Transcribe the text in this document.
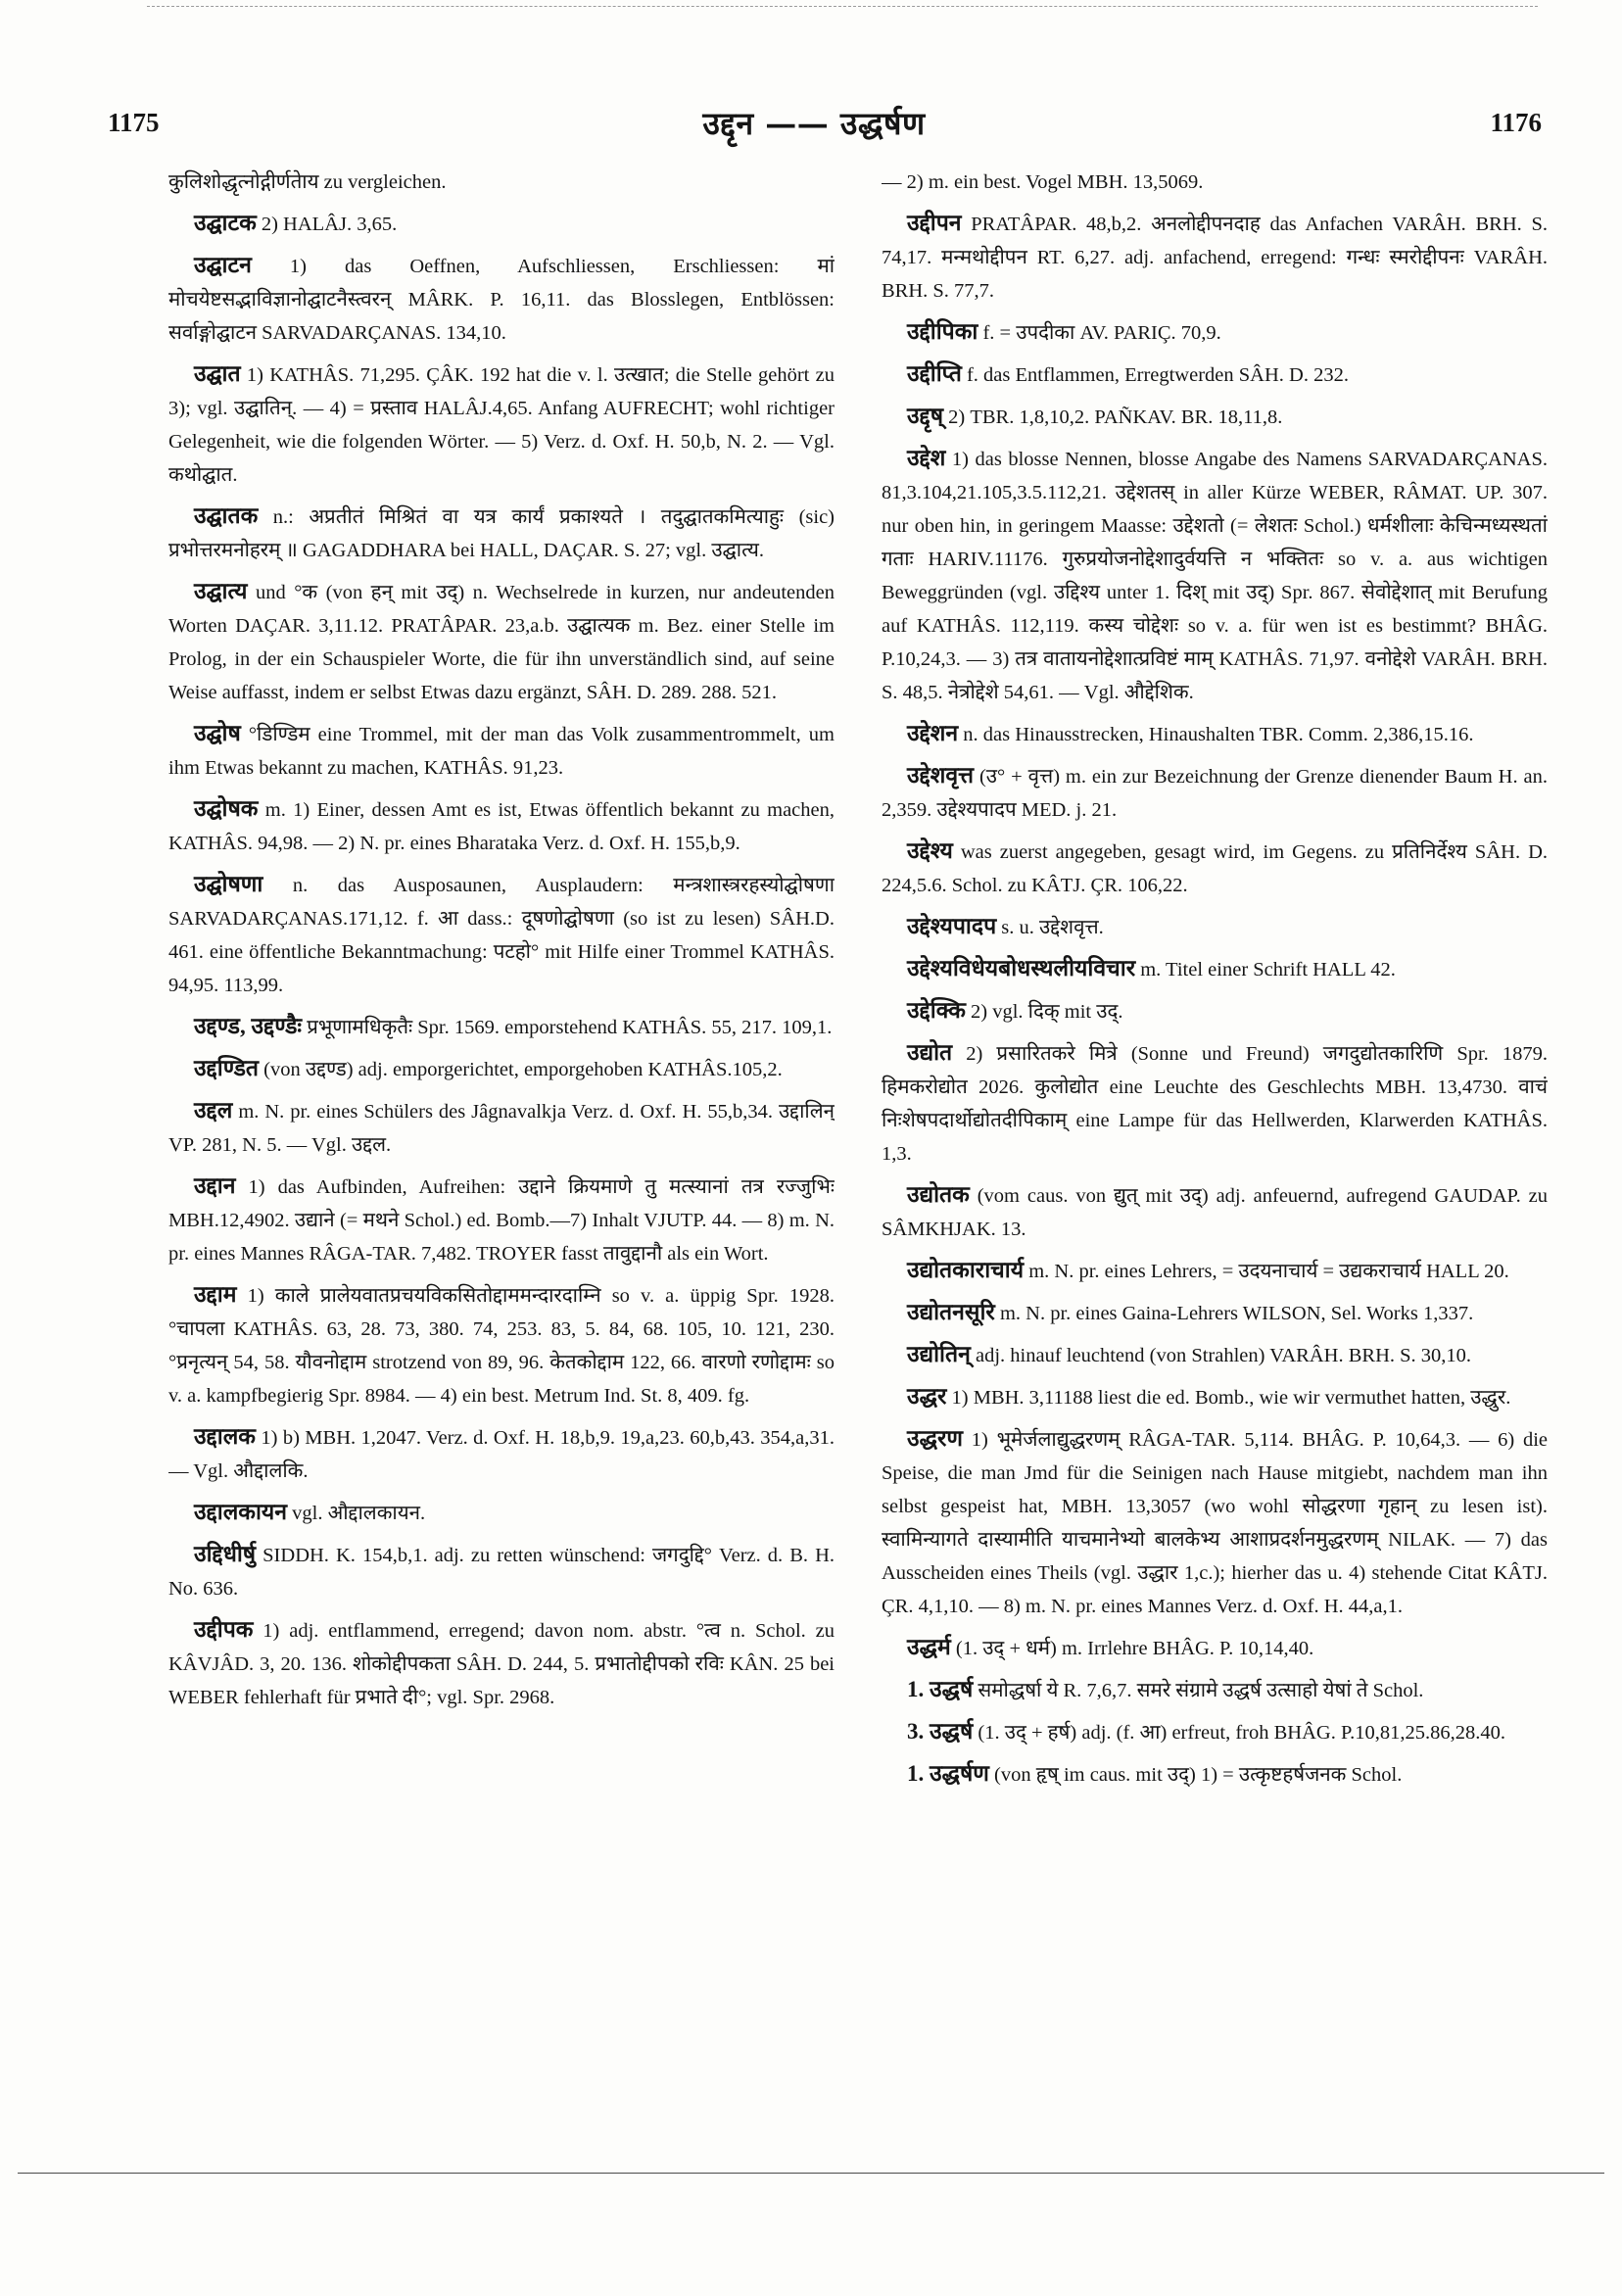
1175	उद्दृन —— उद्धर्षण	1176

कुलिशोद्धृत्नोद्गीर्णतेाय zu vergleichen.

उद्घाटक 2) HALÂJ. 3,65.

उद्घाटन 1) das Oeffnen, Aufschliessen, Erschliessen: मां मोचयेष्टसद्भाविज्ञानोद्घाटनैस्त्वरन् MÂRK. P. 16,11. das Blosslegen, Entblössen: सर्वाङ्गोद्घाटन SARVADARÇANAS. 134,10.

उद्घात 1) KATHÂS. 71,295. ÇÂK. 192 hat die v. l. उत्खात; die Stelle gehört zu 3); vgl. उद्घातिन्. — 4) = प्रस्ताव HALÂJ.4,65. Anfang AUFRECHT; wohl richtiger Gelegenheit, wie die folgenden Wörter. — 5) Verz. d. Oxf. H. 50,b, N. 2. — Vgl. कथोद्घात.

उद्घातक n.: अप्रतीतं मिश्रितं वा यत्र कार्यं प्रकाश्यते । तदुद्घातकमित्याहुः (sic) प्रभोत्तरमनोहरम् ॥ GAGADDHARA bei HALL, DAÇAR. S. 27; vgl. उद्घात्य.

उद्घात्य und °क (von हन् mit उद्) n. Wechselrede in kurzen, nur andeutenden Worten DAÇAR. 3,11.12. PRATÂPAR. 23,a.b. उद्घात्यक m. Bez. einer Stelle im Prolog, in der ein Schauspieler Worte, die für ihn unverständlich sind, auf seine Weise auffasst, indem er selbst Etwas dazu ergänzt, SÂH. D. 289. 288. 521.

उद्घोष °डिण्डिम eine Trommel, mit der man das Volk zusammentrommelt, um ihm Etwas bekannt zu machen, KATHÂS. 91,23.

उद्घोषक m. 1) Einer, dessen Amt es ist, Etwas öffentlich bekannt zu machen, KATHÂS. 94,98. — 2) N. pr. eines Bharataka Verz. d. Oxf. H. 155,b,9.

उद्घोषणा n. das Ausposaunen, Ausplaudern: मन्त्रशास्त्ररहस्योद्घोषणा SARVADARÇANAS.171,12. f. आ dass.: दूषणोद्घोषणा (so ist zu lesen) SÂH.D. 461. eine öffentliche Bekanntmachung: पटहो° mit Hilfe einer Trommel KATHÂS. 94,95. 113,99.

उद्दण्ड, उद्दण्डैः प्रभूणामधिकृतैः Spr. 1569. emporstehend KATHÂS. 55, 217. 109,1.

उद्दण्डित (von उद्दण्ड) adj. emporgerichtet, emporgehoben KATHÂS.105,2.

उद्दल m. N. pr. eines Schülers des Jâgnavalkja Verz. d. Oxf. H. 55,b,34. उद्दालिन् VP. 281, N. 5. — Vgl. उद्दल.

उद्दान 1) das Aufbinden, Aufreihen: उद्दाने क्रियमाणे तु मत्स्यानां तत्र रज्जुभिः MBH.12,4902. उद्याने (= मथने Schol.) ed. Bomb.—7) Inhalt VJUTP. 44. — 8) m. N. pr. eines Mannes RÂGA-TAR. 7,482. TROYER fasst तावुद्दानौ als ein Wort.

उद्दाम 1) काले प्रालेयवातप्रचयविकसितोद्दाममन्दारदाम्नि so v. a. üppig Spr. 1928. °चापला KATHÂS. 63, 28. 73, 380. 74, 253. 83, 5. 84, 68. 105, 10. 121, 230. °प्रनृत्यन् 54, 58. यौवनोद्दाम strotzend von 89, 96. केतकोद्दाम 122, 66. वारणो रणोद्दामः so v. a. kampfbegierig Spr. 8984. — 4) ein best. Metrum Ind. St. 8, 409. fg.

उद्दालक 1) b) MBH. 1,2047. Verz. d. Oxf. H. 18,b,9. 19,a,23. 60,b,43. 354,a,31. — Vgl. औद्दालकि.

उद्दालकायन vgl. औद्दालकायन.

उद्दिधीर्षु SIDDH. K. 154,b,1. adj. zu retten wünschend: जगदुद्दि° Verz. d. B. H. No. 636.

उद्दीपक 1) adj. entflammend, erregend; davon nom. abstr. °त्व n. Schol. zu KÂVJÂD. 3, 20. 136. शोकोद्दीपकता SÂH. D. 244, 5. प्रभातोद्दीपको रविः KÂN. 25 bei WEBER fehlerhaft für प्रभाते दी°; vgl. Spr. 2968.

— 2) m. ein best. Vogel MBH. 13,5069.

उद्दीपन PRATÂPAR. 48,b,2. अनलोद्दीपनदाह das Anfachen VARÂH. BRH. S. 74,17. मन्मथोद्दीपन RT. 6,27. adj. anfachend, erregend: गन्धः स्मरोद्दीपनः VARÂH. BRH. S. 77,7.

उद्दीपिका f. = उपदीका AV. PARIÇ. 70,9.

उद्दीप्ति f. das Entflammen, Erregtwerden SÂH. D. 232.

उद्दृष् 2) TBR. 1,8,10,2. PAÑKAV. BR. 18,11,8.

उद्देश 1) das blosse Nennen, blosse Angabe des Namens SARVADARÇANAS. 81,3.104,21.105,3.5.112,21. उद्देशतस् in aller Kürze WEBER, RÂMAT. UP. 307. nur oben hin, in geringem Maasse: उद्देशतो (= लेशतः Schol.) धर्मशीलाः केचिन्मध्यस्थतां गताः HARIV.11176. गुरुप्रयोजनोद्देशादुर्वयत्ति न भक्तितः so v. a. aus wichtigen Beweggründen (vgl. उद्दिश्य unter 1. दिश् mit उद्) Spr. 867. सेवोद्देशात् mit Berufung auf KATHÂS. 112,119. कस्य चोद्देशः so v. a. für wen ist es bestimmt? BHÂG. P.10,24,3. — 3) तत्र वातायनोद्देशात्प्रविष्टं माम् KATHÂS. 71,97. वनोद्देशे VARÂH. BRH. S. 48,5. नेत्रोद्देशे 54,61. — Vgl. औद्देशिक.

उद्देशन n. das Hinausstrecken, Hinaushalten TBR. Comm. 2,386,15.16.

उद्देशवृत्त (उ° + वृत्त) m. ein zur Bezeichnung der Grenze dienender Baum H. an. 2,359. उद्देश्यपादप MED. j. 21.

उद्देश्य was zuerst angegeben, gesagt wird, im Gegens. zu प्रतिनिर्देश्य SÂH. D. 224,5.6. Schol. zu KÂTJ. ÇR. 106,22.

उद्देश्यपादप s. u. उद्देशवृत्त.

उद्देश्यविधेयबोधस्थलीयविचार m. Titel einer Schrift HALL 42.

उद्देक्कि 2) vgl. दिक् mit उद्.

उद्योत 2) प्रसारितकरे मित्रे (Sonne und Freund) जगदुद्योतकारिणि Spr. 1879. हिमकरोद्योत 2026. कुलोद्योत eine Leuchte des Geschlechts MBH. 13,4730. वाचं निःशेषपदार्थोद्योतदीपिकाम् eine Lampe für das Hellwerden, Klarwerden KATHÂS. 1,3.

उद्योतक (vom caus. von द्युत् mit उद्) adj. anfeuernd, aufregend GAUDAP. zu SÂMKHJAK. 13.

उद्योतकाराचार्य m. N. pr. eines Lehrers, = उदयनाचार्य = उद्यकराचार्य HALL 20.

उद्योतनसूरि m. N. pr. eines Gaina-Lehrers WILSON, Sel. Works 1,337.

उद्योतिन् adj. hinauf leuchtend (von Strahlen) VARÂH. BRH. S. 30,10.

उद्धर 1) MBH. 3,11188 liest die ed. Bomb., wie wir vermuthet hatten, उद्धुर.

उद्धरण 1) भूमेर्जलाद्युद्धरणम् RÂGA-TAR. 5,114. BHÂG. P. 10,64,3. — 6) die Speise, die man Jmd für die Seinigen nach Hause mitgiebt, nachdem man ihn selbst gespeist hat, MBH. 13,3057 (wo wohl सोद्धरणा गृहान् zu lesen ist). स्वामिन्यागते दास्यामीति याचमानेभ्यो बालकेभ्य आशाप्रदर्शनमुद्धरणम् NILAK. — 7) das Ausscheiden eines Theils (vgl. उद्धार 1,c.); hierher das u. 4) stehende Citat KÂTJ. ÇR. 4,1,10. — 8) m. N. pr. eines Mannes Verz. d. Oxf. H. 44,a,1.

उद्धर्म (1. उद् + धर्म) m. Irrlehre BHÂG. P. 10,14,40.

1. उद्धर्ष समोद्धर्षा ये R. 7,6,7. समरे संग्रामे उद्धर्ष उत्साहो येषां ते Schol.

3. उद्धर्ष (1. उद् + हर्ष) adj. (f. आ) erfreut, froh BHÂG. P.10,81,25.86,28.40.

1. उद्धर्षण (von हृष् im caus. mit उद्) 1) = उत्कृष्टहर्षजनक Schol.
